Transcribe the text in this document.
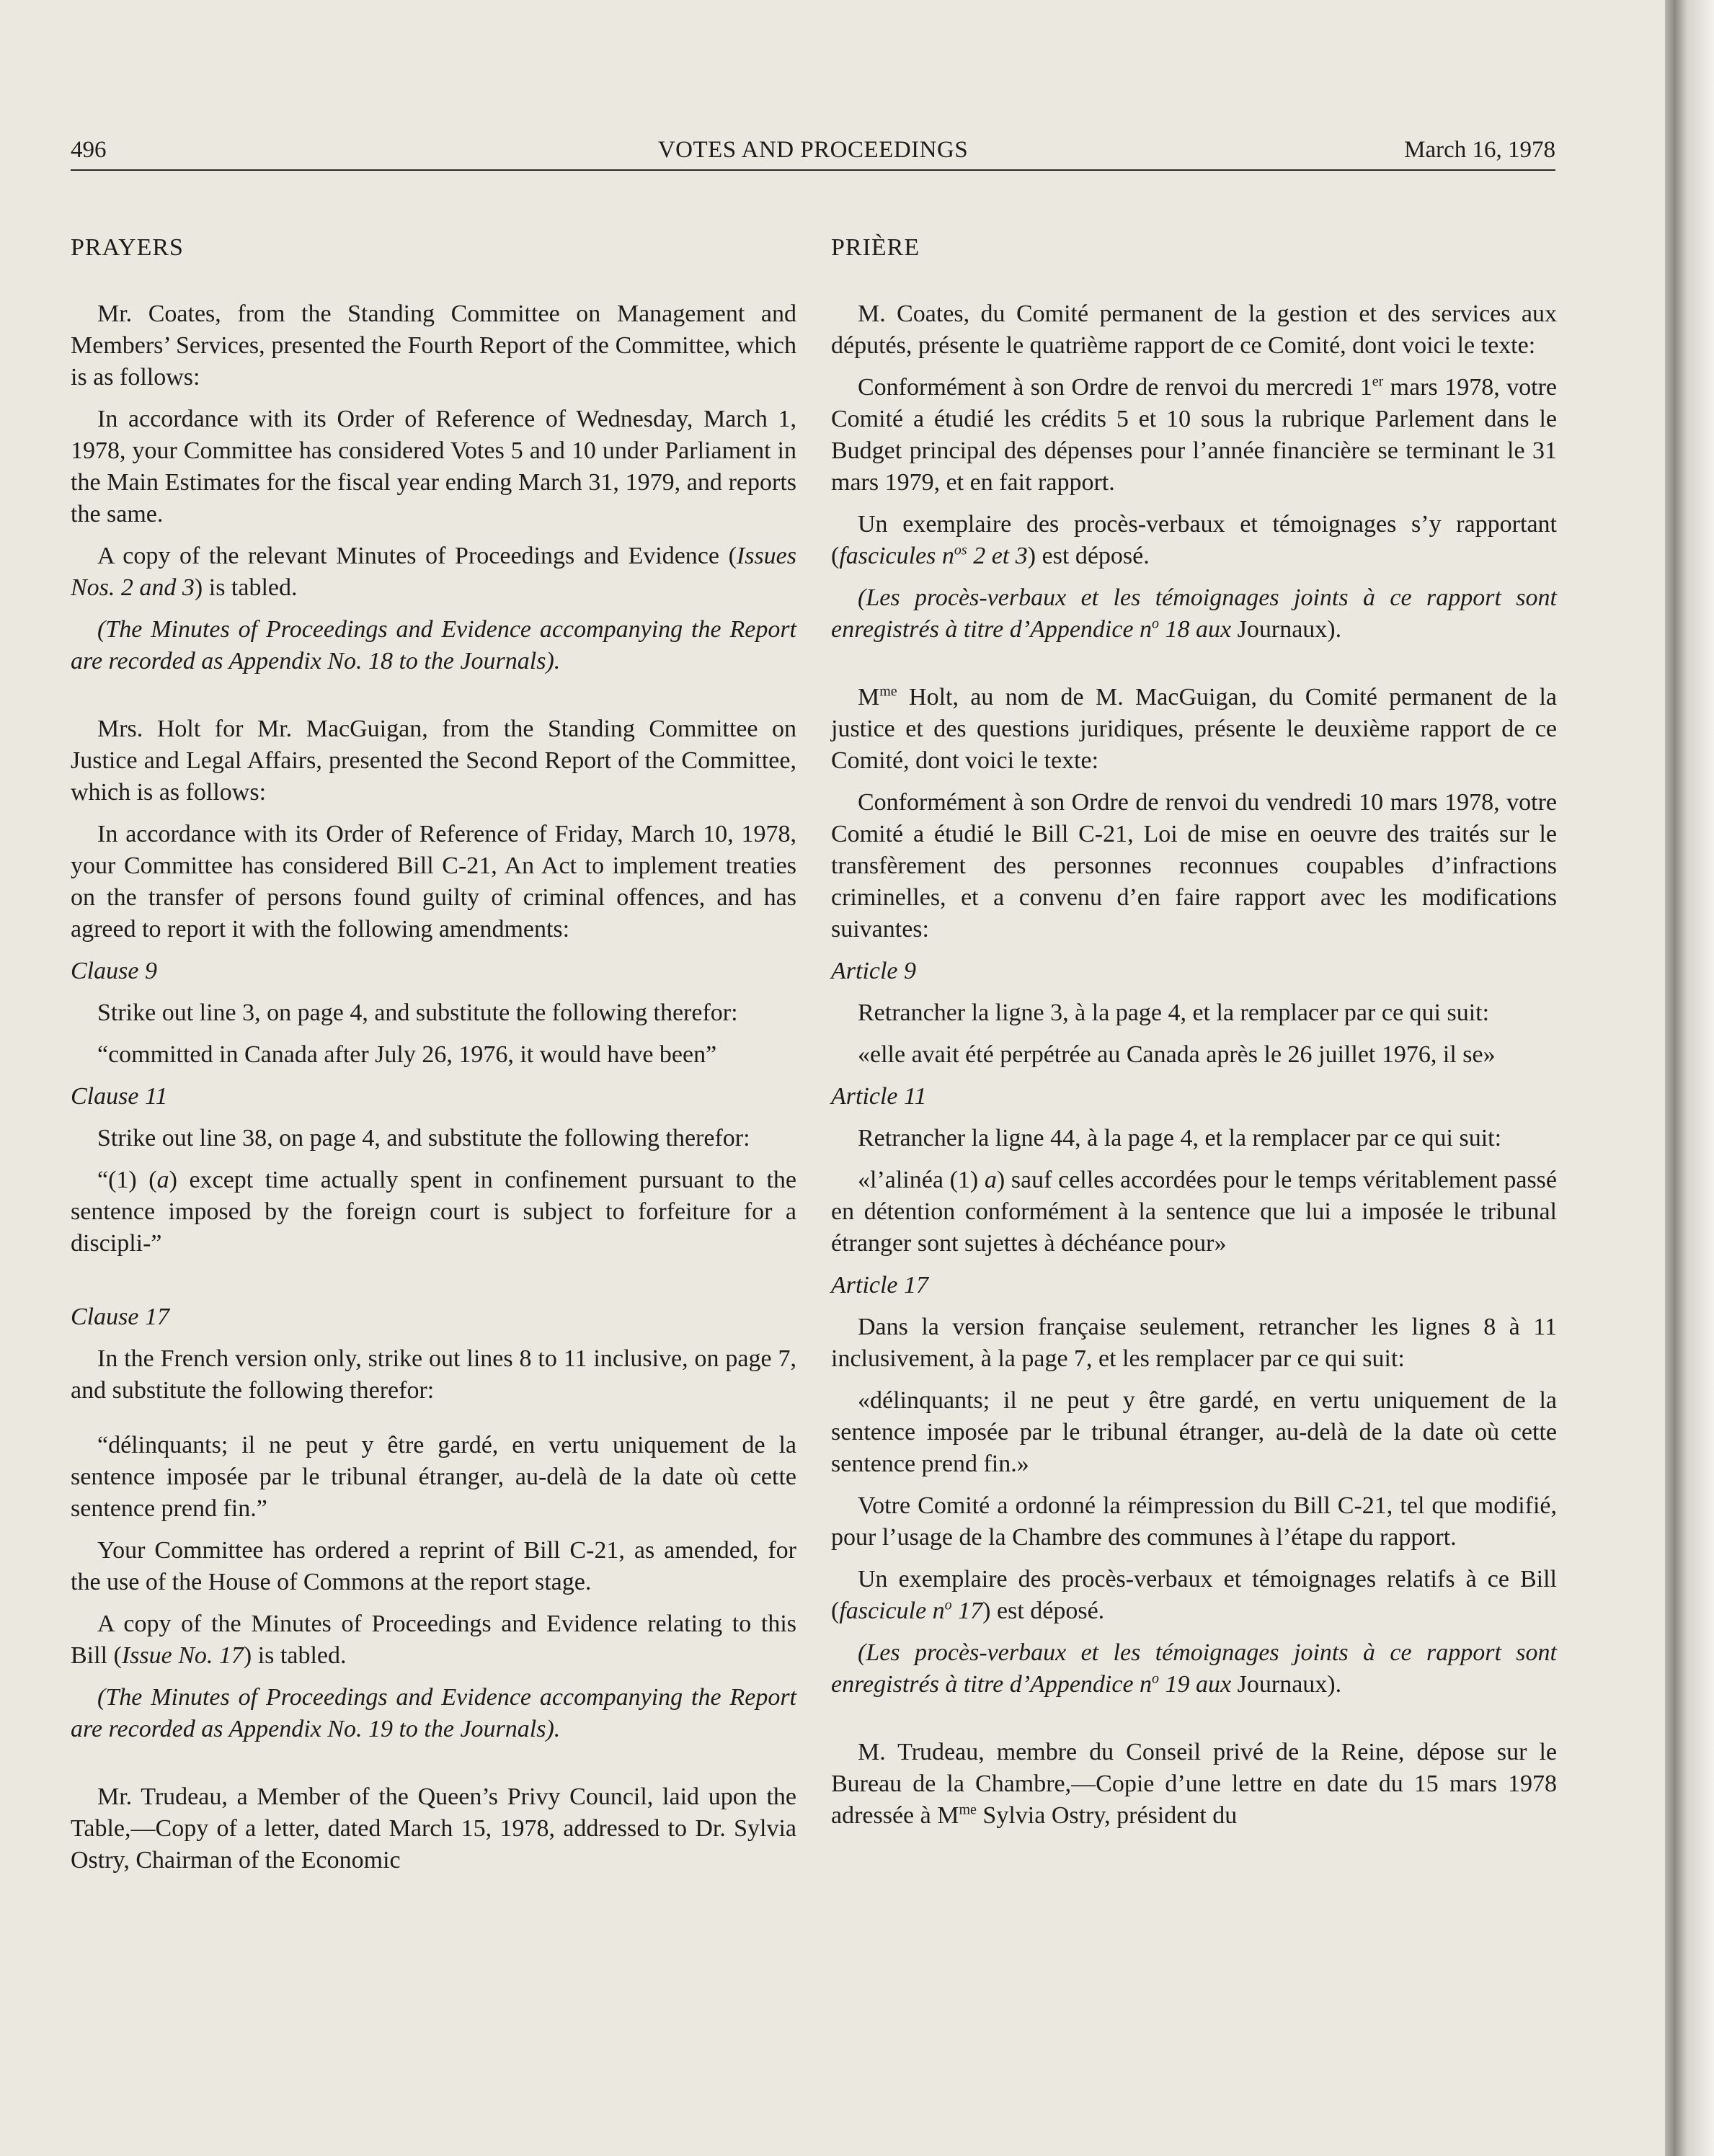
496	VOTES AND PROCEEDINGS	March 16, 1978

PRAYERS

Mr. Coates, from the Standing Committee on Management and Members’ Services, presented the Fourth Report of the Committee, which is as follows:

In accordance with its Order of Reference of Wednesday, March 1, 1978, your Committee has considered Votes 5 and 10 under Parliament in the Main Estimates for the fiscal year ending March 31, 1979, and reports the same.

A copy of the relevant Minutes of Proceedings and Evidence (Issues Nos. 2 and 3) is tabled.

(The Minutes of Proceedings and Evidence accompanying the Report are recorded as Appendix No. 18 to the Journals).

Mrs. Holt for Mr. MacGuigan, from the Standing Committee on Justice and Legal Affairs, presented the Second Report of the Committee, which is as follows:

In accordance with its Order of Reference of Friday, March 10, 1978, your Committee has considered Bill C-21, An Act to implement treaties on the transfer of persons found guilty of criminal offences, and has agreed to report it with the following amendments:

Clause 9

Strike out line 3, on page 4, and substitute the following therefor:

“committed in Canada after July 26, 1976, it would have been”

Clause 11

Strike out line 38, on page 4, and substitute the following therefor:

“(1) (a) except time actually spent in confinement pursuant to the sentence imposed by the foreign court is subject to forfeiture for a discipli-”

Clause 17

In the French version only, strike out lines 8 to 11 inclusive, on page 7, and substitute the following therefor:

“délinquants; il ne peut y être gardé, en vertu uniquement de la sentence imposée par le tribunal étranger, au-delà de la date où cette sentence prend fin.”

Your Committee has ordered a reprint of Bill C-21, as amended, for the use of the House of Commons at the report stage.

A copy of the Minutes of Proceedings and Evidence relating to this Bill (Issue No. 17) is tabled.

(The Minutes of Proceedings and Evidence accompanying the Report are recorded as Appendix No. 19 to the Journals).

Mr. Trudeau, a Member of the Queen’s Privy Council, laid upon the Table,—Copy of a letter, dated March 15, 1978, addressed to Dr. Sylvia Ostry, Chairman of the Economic

PRIÈRE

M. Coates, du Comité permanent de la gestion et des services aux députés, présente le quatrième rapport de ce Comité, dont voici le texte:

Conformément à son Ordre de renvoi du mercredi 1er mars 1978, votre Comité a étudié les crédits 5 et 10 sous la rubrique Parlement dans le Budget principal des dépenses pour l’année financière se terminant le 31 mars 1979, et en fait rapport.

Un exemplaire des procès-verbaux et témoignages s’y rapportant (fascicules $n^{os}$ 2 et 3) est déposé.

(Les procès-verbaux et les témoignages joints à ce rapport sont enregistrés à titre d’Appendice $n^o$ 18 aux Journaux).

$M^{me}$ Holt, au nom de M. MacGuigan, du Comité permanent de la justice et des questions juridiques, présente le deuxième rapport de ce Comité, dont voici le texte:

Conformément à son Ordre de renvoi du vendredi 10 mars 1978, votre Comité a étudié le Bill C-21, Loi de mise en oeuvre des traités sur le transfèrement des personnes reconnues coupables d’infractions criminelles, et a convenu d’en faire rapport avec les modifications suivantes:

Article 9

Retrancher la ligne 3, à la page 4, et la remplacer par ce qui suit:

«elle avait été perpétrée au Canada après le 26 juillet 1976, il se»

Article 11

Retrancher la ligne 44, à la page 4, et la remplacer par ce qui suit:

«l’alinéa (1) a) sauf celles accordées pour le temps véritablement passé en détention conformément à la sentence que lui a imposée le tribunal étranger sont sujettes à déchéance pour»

Article 17

Dans la version française seulement, retrancher les lignes 8 à 11 inclusivement, à la page 7, et les remplacer par ce qui suit:

«délinquants; il ne peut y être gardé, en vertu uniquement de la sentence imposée par le tribunal étranger, au-delà de la date où cette sentence prend fin.»

Votre Comité a ordonné la réimpression du Bill C-21, tel que modifié, pour l’usage de la Chambre des communes à l’étape du rapport.

Un exemplaire des procès-verbaux et témoignages relatifs à ce Bill (fascicule $n^o$ 17) est déposé.

(Les procès-verbaux et les témoignages joints à ce rapport sont enregistrés à titre d’Appendice $n^o$ 19 aux Journaux).

M. Trudeau, membre du Conseil privé de la Reine, dépose sur le Bureau de la Chambre,—Copie d’une lettre en date du 15 mars 1978 adressée à $M^{me}$ Sylvia Ostry, président du
